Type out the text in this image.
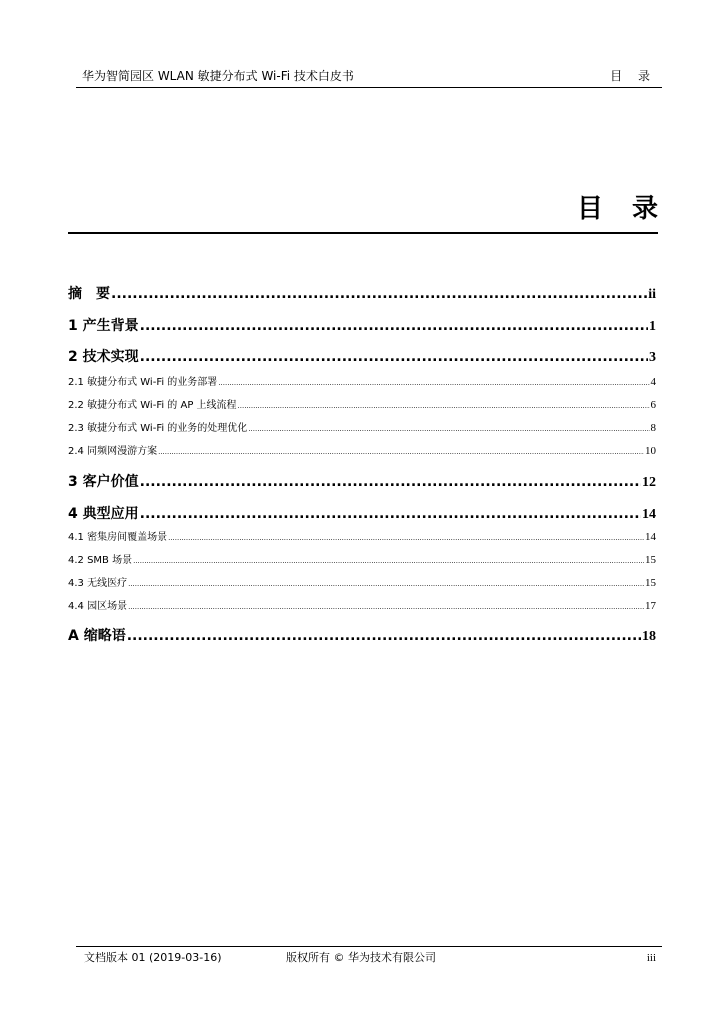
华为智简园区 WLAN 敏捷分布式 Wi-Fi 技术白皮书	目 录
目 录
摘　要 .....	ii
1 产生背景 .....	1
2 技术实现 .....	3
2.1 敏捷分布式 Wi-Fi 的业务部署 .....	4
2.2 敏捷分布式 Wi-Fi 的 AP 上线流程 .....	6
2.3 敏捷分布式 Wi-Fi 的业务的处理优化 .....	8
2.4 同频网漫游方案 .....	10
3 客户价值 .....	12
4 典型应用 .....	14
4.1 密集房间覆盖场景 .....	14
4.2 SMB 场景 .....	15
4.3 无线医疗 .....	15
4.4 园区场景 .....	17
A 缩略语 .....	18
文档版本 01 (2019-03-16)	版权所有 © 华为技术有限公司	iii
